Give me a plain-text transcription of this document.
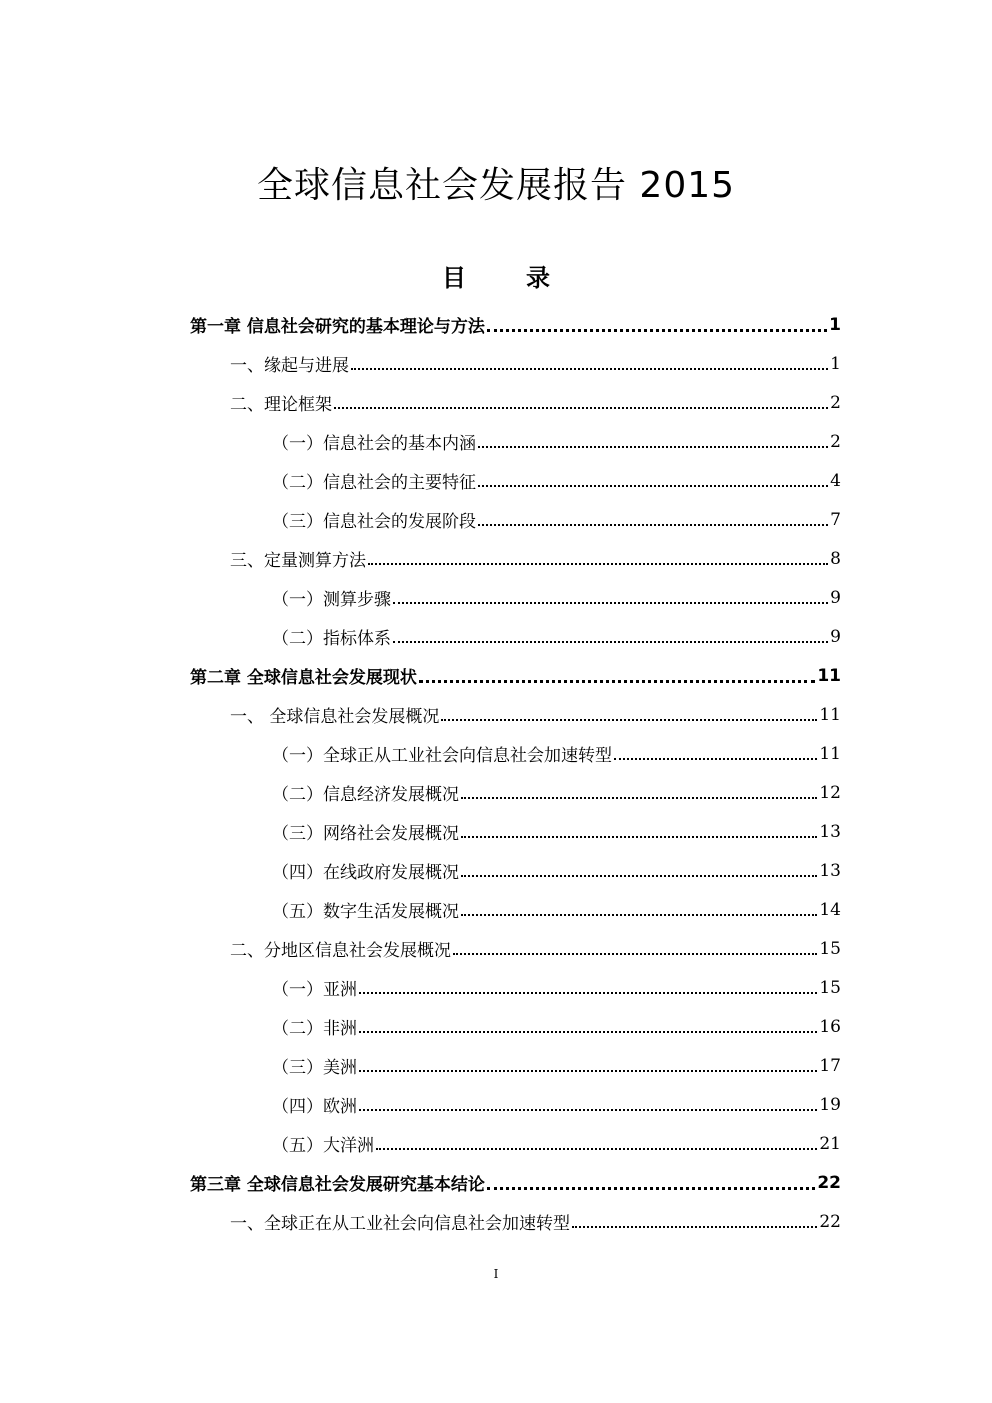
全球信息社会发展报告 2015
目	录
第一章 信息社会研究的基本理论与方法	1
一、缘起与进展	1
二、理论框架	2
（一）信息社会的基本内涵	2
（二）信息社会的主要特征	4
（三）信息社会的发展阶段	7
三、定量测算方法	8
（一）测算步骤	9
（二）指标体系	9
第二章 全球信息社会发展现状	11
一、 全球信息社会发展概况	11
（一）全球正从工业社会向信息社会加速转型	11
（二）信息经济发展概况	12
（三）网络社会发展概况	13
（四）在线政府发展概况	13
（五）数字生活发展概况	14
二、分地区信息社会发展概况	15
（一）亚洲	15
（二）非洲	16
（三）美洲	17
（四）欧洲	19
（五）大洋洲	21
第三章 全球信息社会发展研究基本结论	22
一、全球正在从工业社会向信息社会加速转型	22
I
